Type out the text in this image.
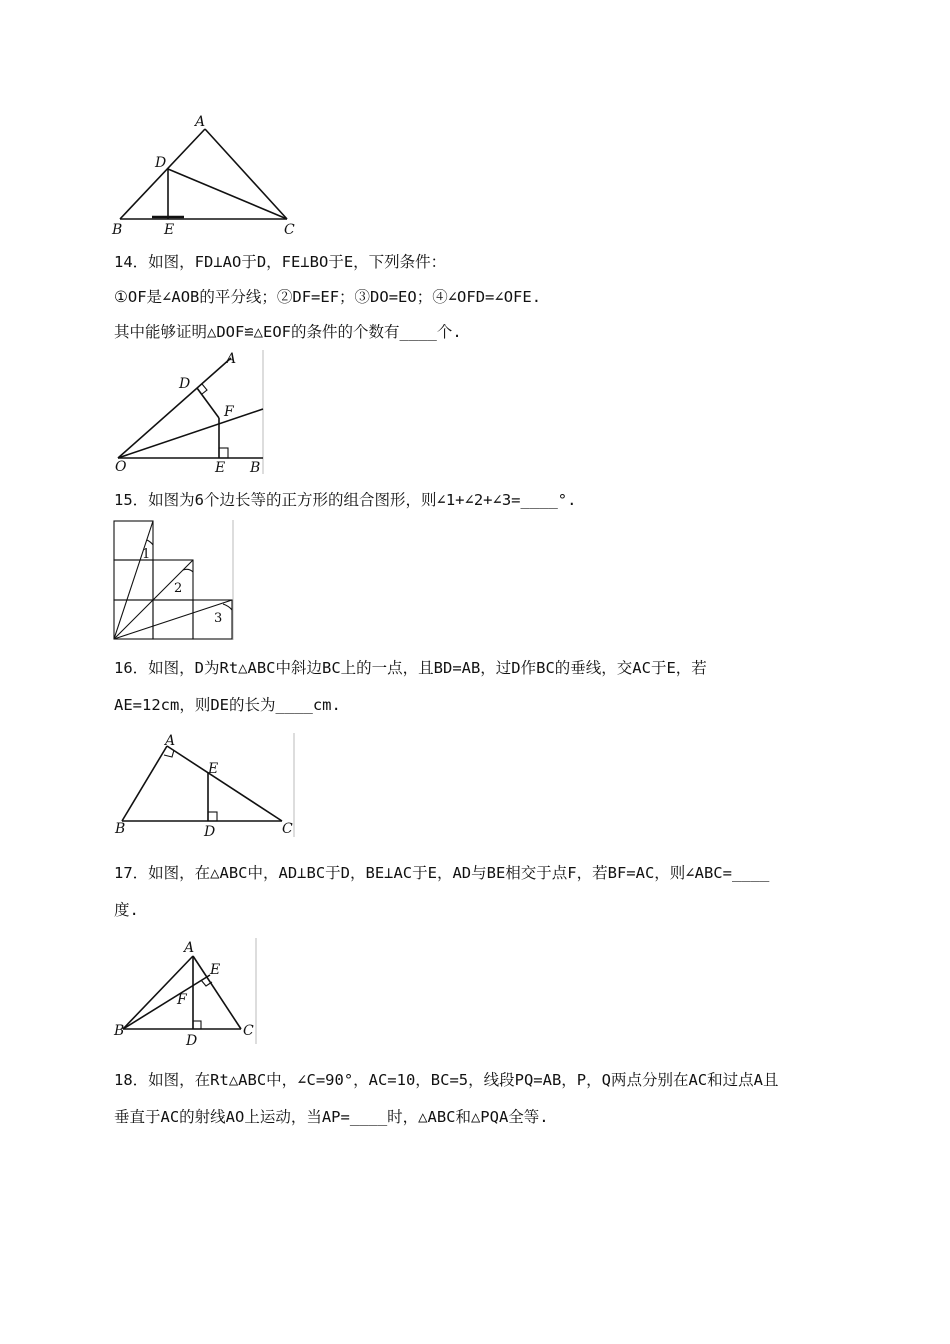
A
D
B	E	C
14．如图，FD⊥AO于D，FE⊥BO于E，下列条件：
①OF是∠AOB的平分线；②DF=EF；③DO=EO；④∠OFD=∠OFE.
其中能够证明△DOF≌△EOF的条件的个数有____个.
A
D
F
O	E B
15．如图为6个边长等的正方形的组合图形，则∠1+∠2+∠3=____°.
1
2
3
16．如图，D为Rt△ABC中斜边BC上的一点，且BD=AB，过D作BC的垂线，交AC于E，若
AE=12cm，则DE的长为____cm.
A
E
B	D	C
17．如图，在△ABC中，AD⊥BC于D，BE⊥AC于E，AD与BE相交于点F，若BF=AC，则∠ABC=____
度.
A
E
F
B
D
C
18．如图，在Rt△ABC中，∠C=90°，AC=10，BC=5，线段PQ=AB，P，Q两点分别在AC和过点A且
垂直于AC的射线AO上运动，当AP=____时，△ABC和△PQA全等.
